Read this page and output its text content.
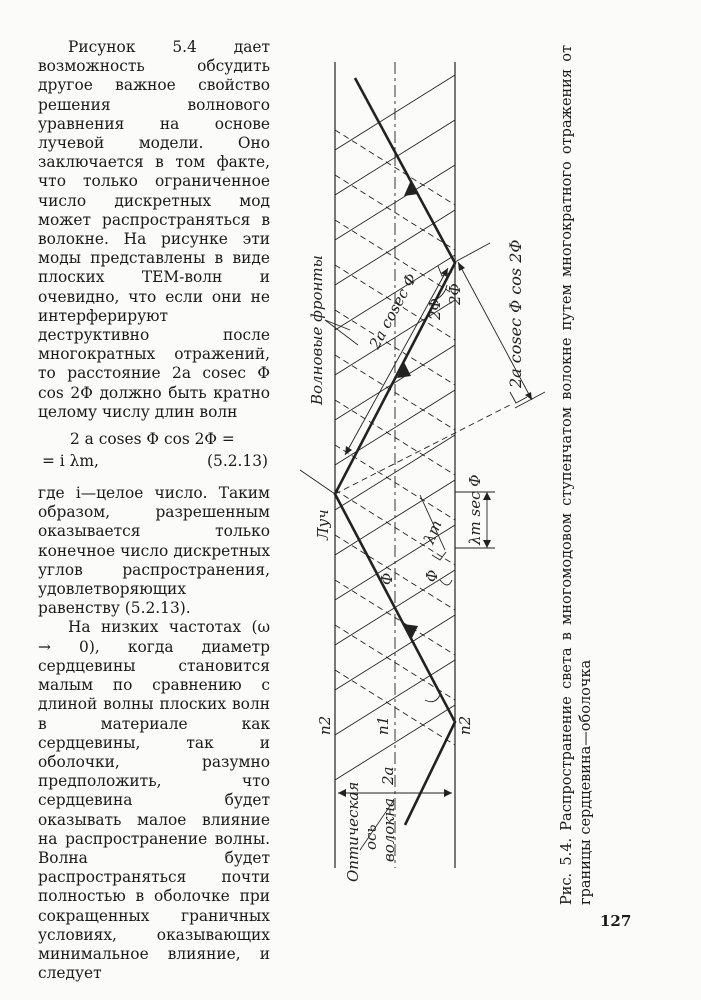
Рисунок 5.4 дает возможность обсудить другое важное свойство решения волнового уравнения на основе лучевой модели. Оно заключается в том факте, что только ограниченное число дискретных мод может распространяться в волокне. На рисунке эти моды представлены в виде плоских ТЕМ-волн и очевидно, что если они не интерферируют деструктивно после многократных отражений, то расстояние 2a cosec Φ cos 2Φ должно быть кратно целому числу длин волн

2 a coses Φ cos 2Φ =
= i λm,	(5.2.13)

где i—целое число. Таким образом, разрешенным оказывается только конечное число дискретных углов распространения, удовлетворяющих равенству (5.2.13).

На низких частотах (ω → 0), когда диаметр сердцевины становится малым по сравнению с длиной волны плоских волн в материале как сердцевины, так и оболочки, разумно предположить, что сердцевина будет оказывать малое влияние на распространение волны. Волна будет распространяться почти полностью в оболочке при сокращенных граничных условиях, оказывающих минимальное влияние, и следует

Волновые фронты
Луч
Оптическая ось волокна
n2	n1	n2
2a
Φ Φ
2Φ
2Φ
2a cosec Φ
λm λm sec Φ
2a cosec Φ cos 2Φ Рис. 5.4. Распространение света в многомодовом ступенчатом волокне путем многократного отражения от границы сердцевина—оболочка
127
